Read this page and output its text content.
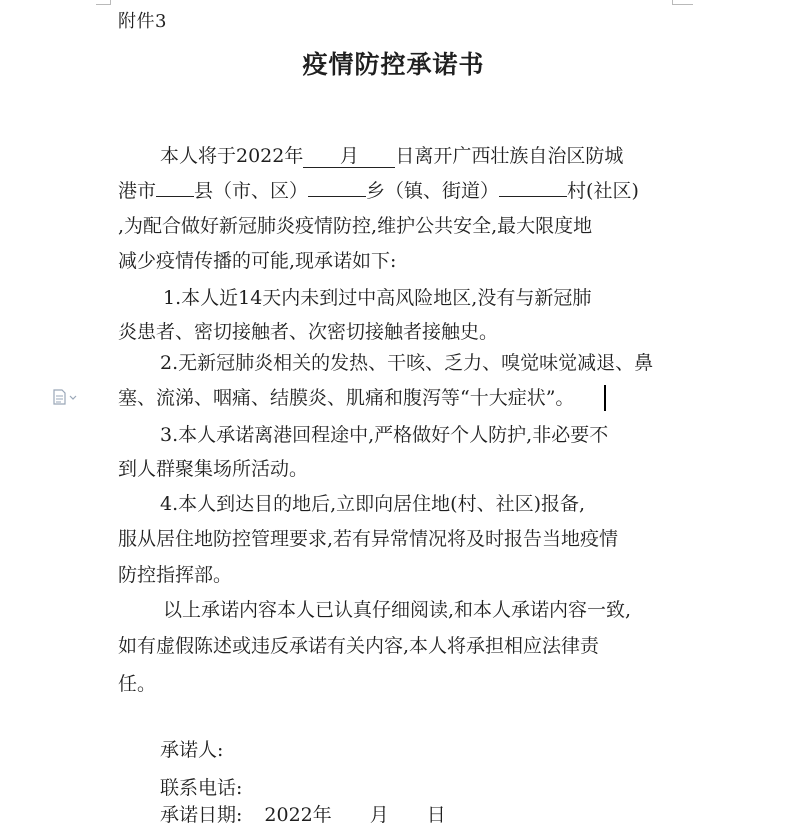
附件3
疫情防控承诺书
本人将于2022年 月 日离开广西壮族自治区防城
港市 县（市、区）	乡（镇、街道）	村(社区)
,为配合做好新冠肺炎疫情防控,维护公共安全,最大限度地
减少疫情传播的可能,现承诺如下:
1.本人近14天内未到过中高风险地区,没有与新冠肺
炎患者、密切接触者、次密切接触者接触史。
2.无新冠肺炎相关的发热、干咳、乏力、嗅觉味觉减退、鼻
塞、流涕、咽痛、结膜炎、肌痛和腹泻等“十大症状”。
3.本人承诺离港回程途中,严格做好个人防护,非必要不
到人群聚集场所活动。
4.本人到达目的地后,立即向居住地(村、社区)报备,
服从居住地防控管理要求,若有异常情况将及时报告当地疫情
防控指挥部。
以上承诺内容本人已认真仔细阅读,和本人承诺内容一致,
如有虚假陈述或违反承诺有关内容,本人将承担相应法律责
任。
承诺人:
联系电话:
承诺日期: 2022年 月 日
